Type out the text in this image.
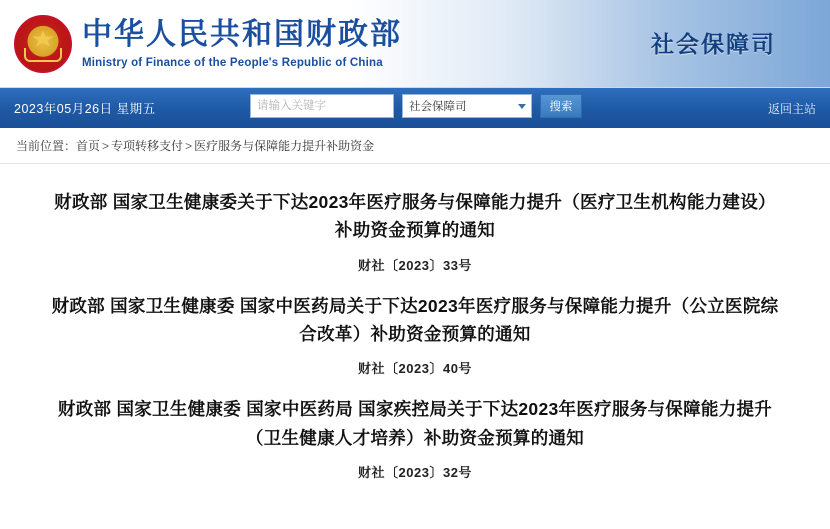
中华人民共和国财政部
Ministry of Finance of the People's Republic of China
社会保障司
2023年05月26日 星期五
请输入关键字	社会保障司	搜索	返回主站
当前位置： 首页 > 专项转移支付 > 医疗服务与保障能力提升补助资金
财政部 国家卫生健康委关于下达2023年医疗服务与保障能力提升（医疗卫生机构能力建设）补助资金预算的通知
财社〔2023〕33号
财政部 国家卫生健康委 国家中医药局关于下达2023年医疗服务与保障能力提升（公立医院综合改革）补助资金预算的通知
财社〔2023〕40号
财政部 国家卫生健康委 国家中医药局 国家疾控局关于下达2023年医疗服务与保障能力提升（卫生健康人才培养）补助资金预算的通知
财社〔2023〕32号
